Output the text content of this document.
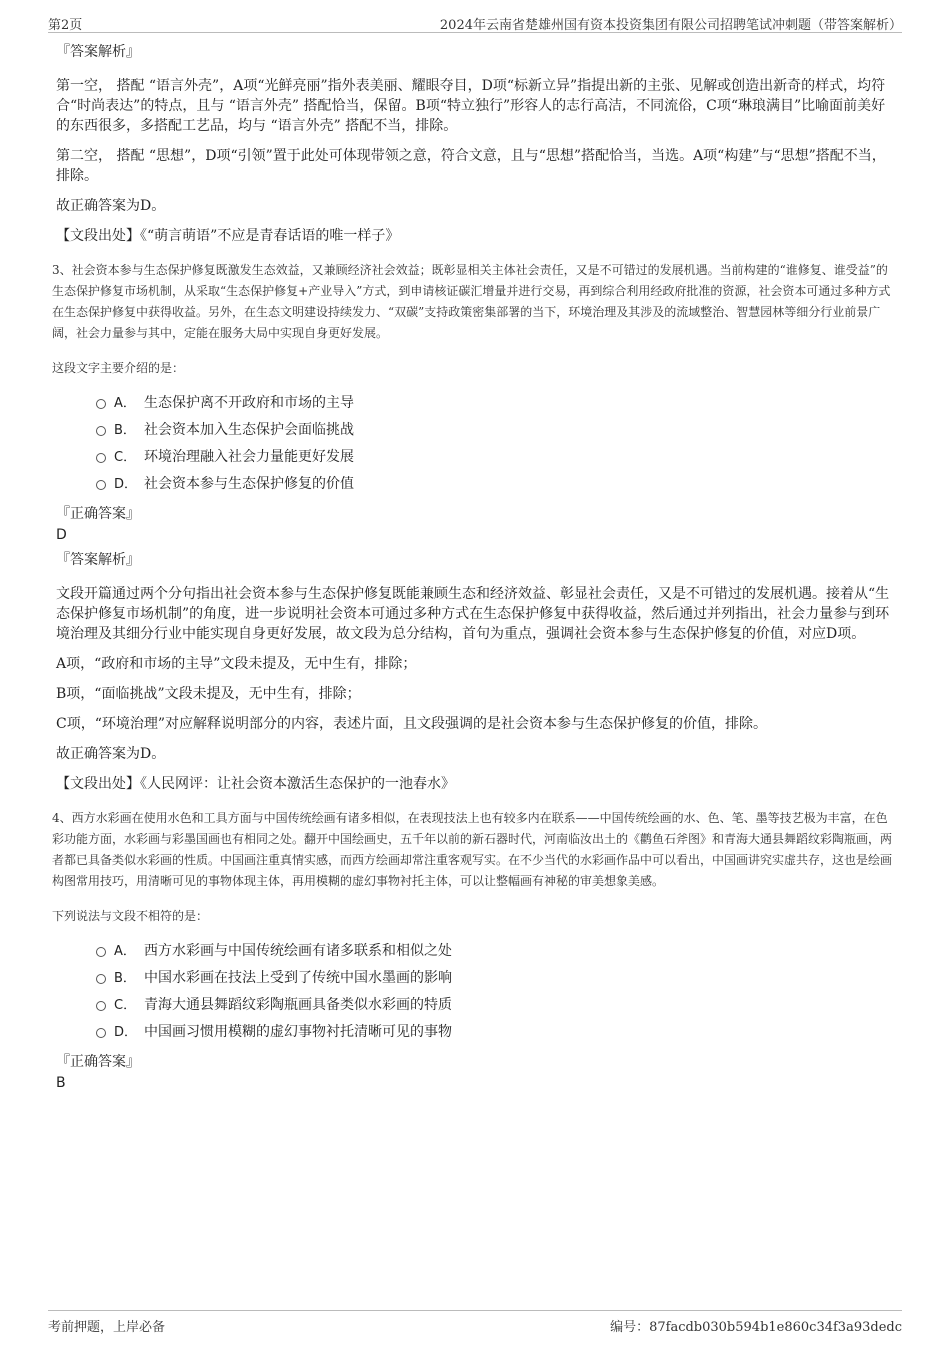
第2页	2024年云南省楚雄州国有资本投资集团有限公司招聘笔试冲刺题（带答案解析）
『答案解析』

第一空， 搭配 “语言外壳”，A项“光鲜亮丽”指外表美丽、耀眼夺目，D项“标新立异”指提出新的主张、见解或创造出新奇的样式，均符合“时尚表达”的特点，且与 “语言外壳” 搭配恰当，保留。B项“特立独行”形容人的志行高洁，不同流俗，C项“琳琅满目”比喻面前美好的东西很多，多搭配工艺品，均与 “语言外壳” 搭配不当，排除。

第二空， 搭配 “思想”，D项“引领”置于此处可体现带领之意，符合文意，且与“思想”搭配恰当，当选。A项“构建”与“思想”搭配不当，排除。

故正确答案为D。

【文段出处】《“萌言萌语”不应是青春话语的唯一样子》

3、社会资本参与生态保护修复既激发生态效益，又兼顾经济社会效益；既彰显相关主体社会责任，又是不可错过的发展机遇。当前构建的“谁修复、谁受益”的生态保护修复市场机制，从采取“生态保护修复+产业导入”方式，到申请核证碳汇增量并进行交易，再到综合利用经政府批准的资源，社会资本可通过多种方式在生态保护修复中获得收益。另外，在生态文明建设持续发力、“双碳”支持政策密集部署的当下，环境治理及其涉及的流域整治、智慧园林等细分行业前景广阔，社会力量参与其中，定能在服务大局中实现自身更好发展。

这段文字主要介绍的是：

A． 生态保护离不开政府和市场的主导
B． 社会资本加入生态保护会面临挑战
C． 环境治理融入社会力量能更好发展
D． 社会资本参与生态保护修复的价值
『正确答案』
D
『答案解析』

文段开篇通过两个分句指出社会资本参与生态保护修复既能兼顾生态和经济效益、彰显社会责任，又是不可错过的发展机遇。接着从“生态保护修复市场机制”的角度，进一步说明社会资本可通过多种方式在生态保护修复中获得收益，然后通过并列指出，社会力量参与到环境治理及其细分行业中能实现自身更好发展，故文段为总分结构，首句为重点，强调社会资本参与生态保护修复的价值，对应D项。

A项，“政府和市场的主导”文段未提及，无中生有，排除；

B项，“面临挑战”文段未提及，无中生有，排除；

C项，“环境治理”对应解释说明部分的内容，表述片面，且文段强调的是社会资本参与生态保护修复的价值，排除。

故正确答案为D。

【文段出处】《人民网评：让社会资本激活生态保护的一池春水》

4、西方水彩画在使用水色和工具方面与中国传统绘画有诸多相似，在表现技法上也有较多内在联系——中国传统绘画的水、色、笔、墨等技艺极为丰富，在色彩功能方面，水彩画与彩墨国画也有相同之处。翻开中国绘画史，五千年以前的新石器时代，河南临汝出土的《鹳鱼石斧图》和青海大通县舞蹈纹彩陶瓶画，两者都已具备类似水彩画的性质。中国画注重真情实感，而西方绘画却常注重客观写实。在不少当代的水彩画作品中可以看出，中国画讲究实虚共存，这也是绘画构图常用技巧，用清晰可见的事物体现主体，再用模糊的虚幻事物衬托主体，可以让整幅画有神秘的审美想象美感。

下列说法与文段不相符的是：

A． 西方水彩画与中国传统绘画有诸多联系和相似之处
B． 中国水彩画在技法上受到了传统中国水墨画的影响
C． 青海大通县舞蹈纹彩陶瓶画具备类似水彩画的特质
D． 中国画习惯用模糊的虚幻事物衬托清晰可见的事物
『正确答案』
B
考前押题，上岸必备	编号：87facdb030b594b1e860c34f3a93dedc
